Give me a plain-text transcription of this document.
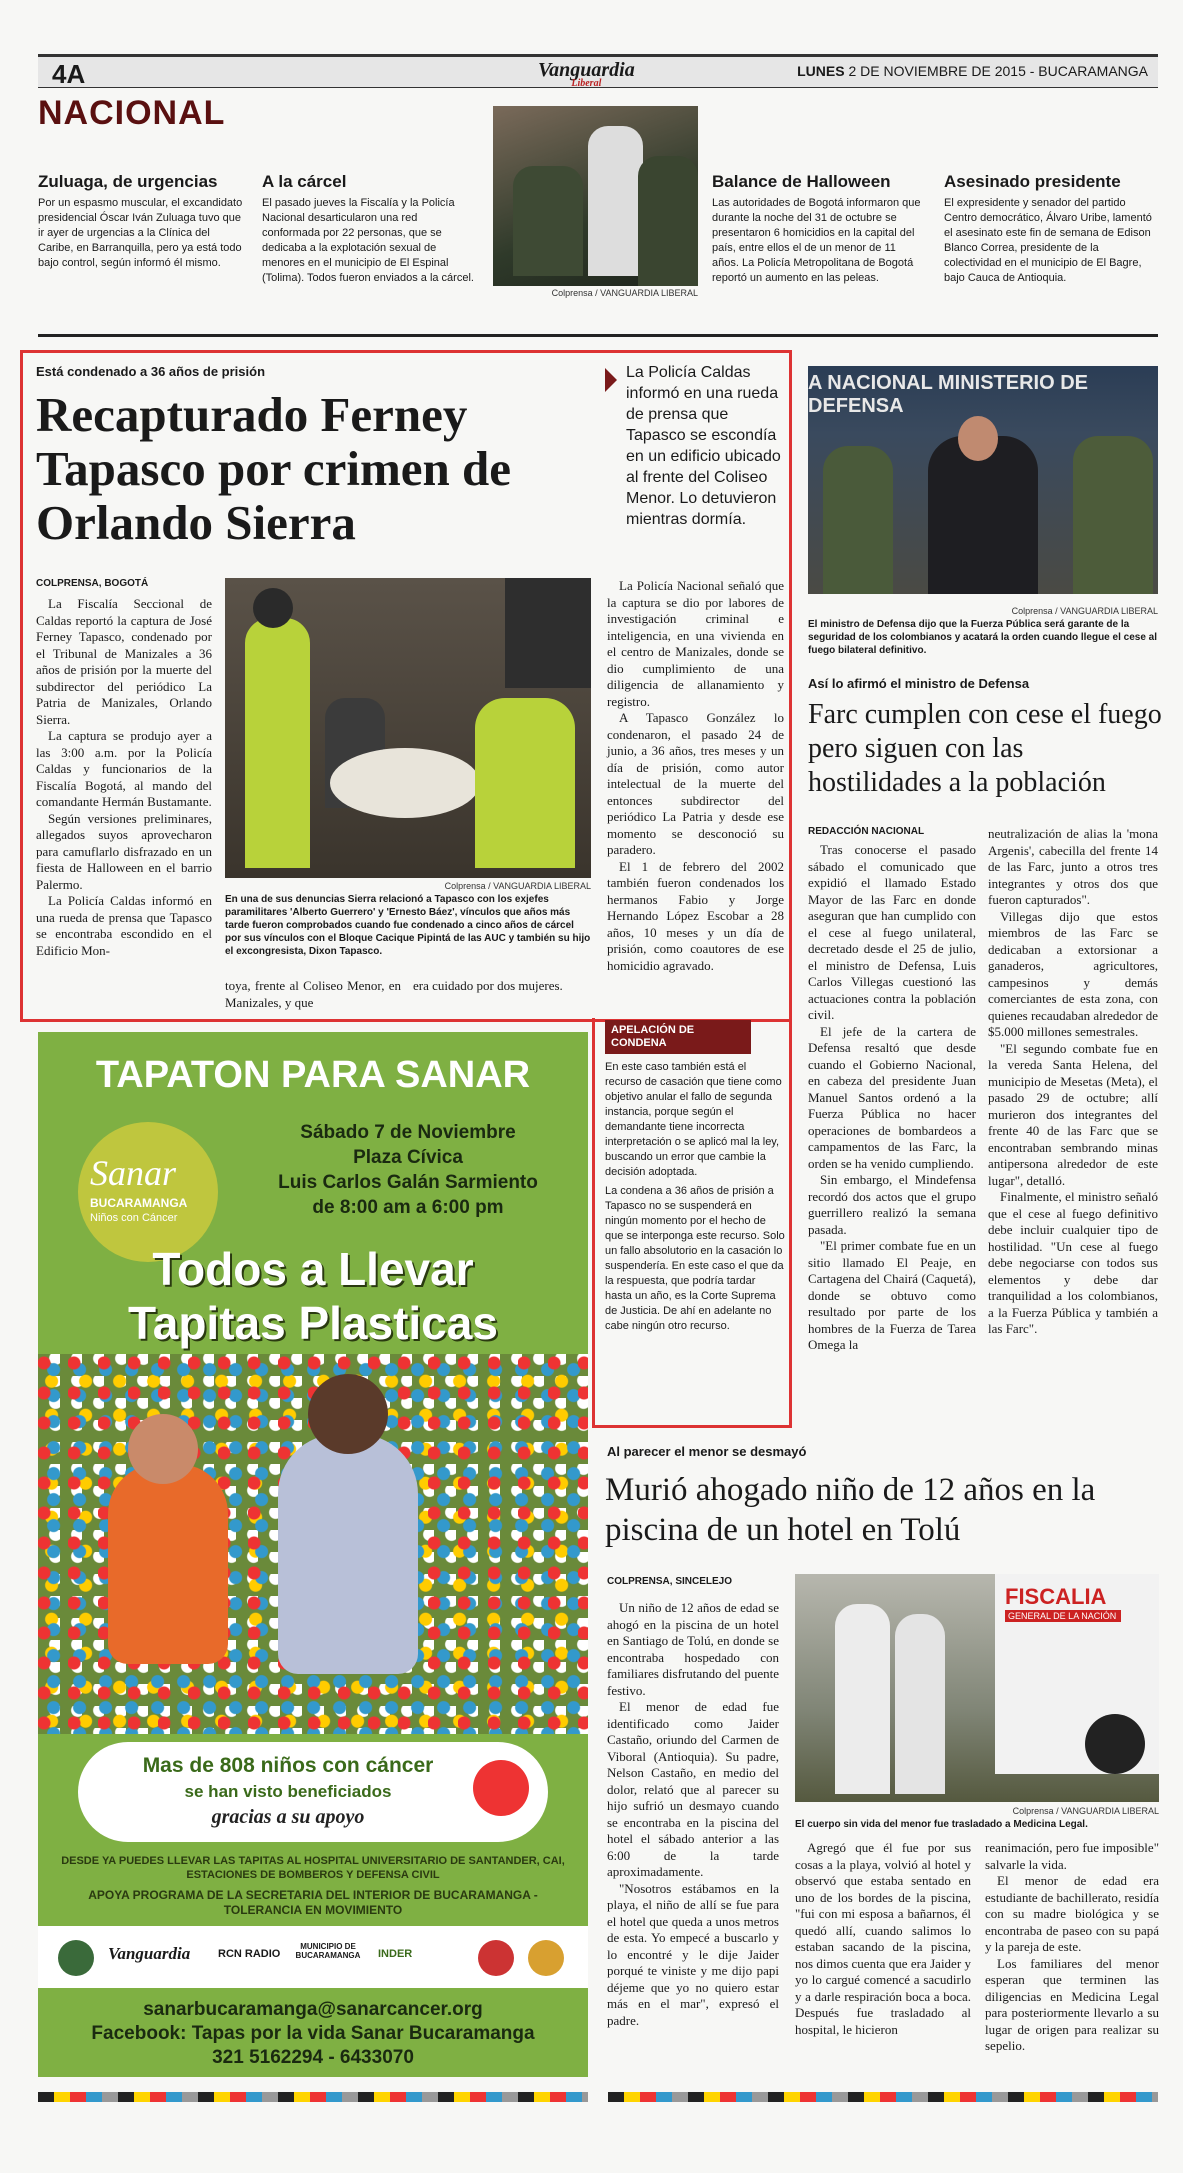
4A	Vanguardia
Liberal
LUNES 2 DE NOVIEMBRE DE 2015 - BUCARAMANGA
NACIONAL
Zuluaga, de urgencias

Por un espasmo muscular, el excandidato presidencial Óscar Iván Zuluaga tuvo que ir ayer de urgencias a la Clínica del Caribe, en Barranquilla, pero ya está todo bajo control, según informó él mismo.

A la cárcel

El pasado jueves la Fiscalía y la Policía Nacional desarticularon una red conformada por 22 personas, que se dedicaba a la explotación sexual de menores en el municipio de El Espinal (Tolima). Todos fueron enviados a la cárcel.

Colprensa / VANGUARDIA LIBERAL
Balance de Halloween

Las autoridades de Bogotá informaron que durante la noche del 31 de octubre se presentaron 6 homicidios en la capital del país, entre ellos el de un menor de 11 años. La Policía Metropolitana de Bogotá reportó un aumento en las peleas.

Asesinado presidente

El expresidente y senador del partido Centro democrático, Álvaro Uribe, lamentó el asesinato este fin de semana de Edison Blanco Correa, presidente de la colectividad en el municipio de El Bagre, bajo Cauca de Antioquia.

Está condenado a 36 años de prisión
Recapturado Ferney Tapasco por crimen de Orlando Sierra
COLPRENSA, BOGOTÁ

La Fiscalía Seccional de Caldas reportó la captura de José Ferney Tapasco, condenado por el Tribunal de Manizales a 36 años de prisión por la muerte del subdirector del periódico La Patria de Manizales, Orlando Sierra.

La captura se produjo ayer a las 3:00 a.m. por la Policía Caldas y funcionarios de la Fiscalía Bogotá, al mando del comandante Hermán Bustamante.

Según versiones preliminares, allegados suyos aprovecharon para camuflarlo disfrazado en un fiesta de Halloween en el barrio Palermo.

La Policía Caldas informó en una rueda de prensa que Tapasco se encontraba escondido en el Edificio Mon-

Colprensa / VANGUARDIA LIBERAL
En una de sus denuncias Sierra relacionó a Tapasco con los exjefes paramilitares 'Alberto Guerrero' y 'Ernesto Báez', vínculos que años más tarde fueron comprobados cuando fue condenado a cinco años de cárcel por sus vínculos con el Bloque Cacique Pipintá de las AUC y también su hijo el excongresista, Dixon Tapasco.

toya, frente al Coliseo Menor, en Manizales, y que

era cuidado por dos mujeres.

La Policía Caldas informó en una rueda de prensa que Tapasco se escondía en un edificio ubicado al frente del Coliseo Menor. Lo detuvieron mientras dormía.

La Policía Nacional señaló que la captura se dio por labores de investigación criminal e inteligencia, en una vivienda en el centro de Manizales, donde se dio cumplimiento de una diligencia de allanamiento y registro.

A Tapasco González lo condenaron, el pasado 24 de junio, a 36 años, tres meses y un día de prisión, como autor intelectual de la muerte del entonces subdirector del periódico La Patria y desde ese momento se desconoció su paradero.

El 1 de febrero del 2002 también fueron condenados los hermanos Fabio y Jorge Hernando López Escobar a 28 años, 10 meses y un día de prisión, como coautores de ese homicidio agravado.

APELACIÓN DE CONDENA

En este caso también está el recurso de casación que tiene como objetivo anular el fallo de segunda instancia, porque según el demandante tiene incorrecta interpretación o se aplicó mal la ley, buscando un error que cambie la decisión adoptada.

La condena a 36 años de prisión a Tapasco no se suspenderá en ningún momento por el hecho de que se interponga este recurso. Solo un fallo absolutorio en la casación lo suspendería. En este caso el que da la respuesta, que podría tardar hasta un año, es la Corte Suprema de Justicia. De ahí en adelante no cabe ningún otro recurso.

A NACIONAL MINISTERIO DE DEFENSA
Colprensa / VANGUARDIA LIBERAL
El ministro de Defensa dijo que la Fuerza Pública será garante de la seguridad de los colombianos y acatará la orden cuando llegue el cese al fuego bilateral definitivo.
Así lo afirmó el ministro de Defensa
Farc cumplen con cese el fuego pero siguen con las hostilidades a la población
REDACCIÓN NACIONAL

Tras conocerse el pasado sábado el comunicado que expidió el llamado Estado Mayor de las Farc en donde aseguran que han cumplido con el cese al fuego unilateral, decretado desde el 25 de julio, el ministro de Defensa, Luis Carlos Villegas cuestionó las actuaciones contra la población civil.

El jefe de la cartera de Defensa resaltó que desde cuando el Gobierno Nacional, en cabeza del presidente Juan Manuel Santos ordenó a la Fuerza Pública no hacer operaciones de bombardeos a campamentos de las Farc, la orden se ha venido cumpliendo.

Sin embargo, el Mindefensa recordó dos actos que el grupo guerrillero realizó la semana pasada.

"El primer combate fue en un sitio llamado El Peaje, en Cartagena del Chairá (Caquetá), donde se obtuvo como resultado por parte de los hombres de la Fuerza de Tarea Omega la

neutralización de alias la 'mona Argenis', cabecilla del frente 14 de las Farc, junto a otros tres integrantes y otros dos que fueron capturados".

Villegas dijo que estos miembros de las Farc se dedicaban a extorsionar a ganaderos, agricultores, campesinos y demás comerciantes de esta zona, con quienes recaudaban alrededor de $5.000 millones semestrales.

"El segundo combate fue en la vereda Santa Helena, del municipio de Mesetas (Meta), el pasado 29 de octubre; allí murieron dos integrantes del frente 40 de las Farc que se encontraban sembrando minas antipersona alrededor de este lugar", detalló.

Finalmente, el ministro señaló que el cese al fuego definitivo debe incluir cualquier tipo de hostilidad. "Un cese al fuego debe negociarse con todos sus elementos y debe dar tranquilidad a los colombianos, a la Fuerza Pública y también a las Farc".

Al parecer el menor se desmayó
Murió ahogado niño de 12 años en la piscina de un hotel en Tolú
COLPRENSA, SINCELEJO

Un niño de 12 años de edad se ahogó en la piscina de un hotel en Santiago de Tolú, en donde se encontraba hospedado con familiares disfrutando del puente festivo.

El menor de edad fue identificado como Jaider Castaño, oriundo del Carmen de Viboral (Antioquia). Su padre, Nelson Castaño, en medio del dolor, relató que al parecer su hijo sufrió un desmayo cuando se encontraba en la piscina del hotel el sábado anterior a las 6:00 de la tarde aproximadamente.

"Nosotros estábamos en la playa, el niño de allí se fue para el hotel que queda a unos metros de esta. Yo empecé a buscarlo y lo encontré y le dije Jaider porqué te viniste y me dijo papi déjeme que yo no quiero estar más en el mar", expresó el padre.

FISCALIA
GENERAL DE LA NACIÓN
Colprensa / VANGUARDIA LIBERAL
El cuerpo sin vida del menor fue trasladado a Medicina Legal.

Agregó que él fue por sus cosas a la playa, volvió al hotel y observó que estaba sentado en uno de los bordes de la piscina, "fui con mi esposa a bañarnos, él quedó allí, cuando salimos lo estaban sacando de la piscina, nos dimos cuenta que era Jaider y yo lo cargué comencé a sacudirlo y a darle respiración boca a boca. Después fue trasladado al hospital, le hicieron

reanimación, pero fue imposible" salvarle la vida.

El menor de edad era estudiante de bachillerato, residía con su madre biológica y se encontraba de paseo con su papá y la pareja de este.

Los familiares del menor esperan que terminen las diligencias en Medicina Legal para posteriormente llevarlo a su lugar de origen para realizar su sepelio.

TAPATON PARA SANAR
Sanar
BUCARAMANGA
Niños con Cáncer
Sábado 7 de Noviembre
Plaza Cívica
Luis Carlos Galán Sarmiento
de 8:00 am a 6:00 pm
Todos a Llevar
Tapitas Plasticas
Mas de 808 niños con cáncer
se han visto beneficiados
gracias a su apoyo
DESDE YA PUEDES LLEVAR LAS TAPITAS AL HOSPITAL UNIVERSITARIO DE SANTANDER, CAI, ESTACIONES DE BOMBEROS Y DEFENSA CIVIL
APOYA PROGRAMA DE LA SECRETARIA DEL INTERIOR DE BUCARAMANGA - TOLERANCIA EN MOVIMIENTO
Vanguardia	RCN RADIO
MUNICIPIO DE BUCARAMANGA	INDER
sanarbucaramanga@sanarcancer.org
Facebook: Tapas por la vida Sanar Bucaramanga
321 5162294 - 6433070
